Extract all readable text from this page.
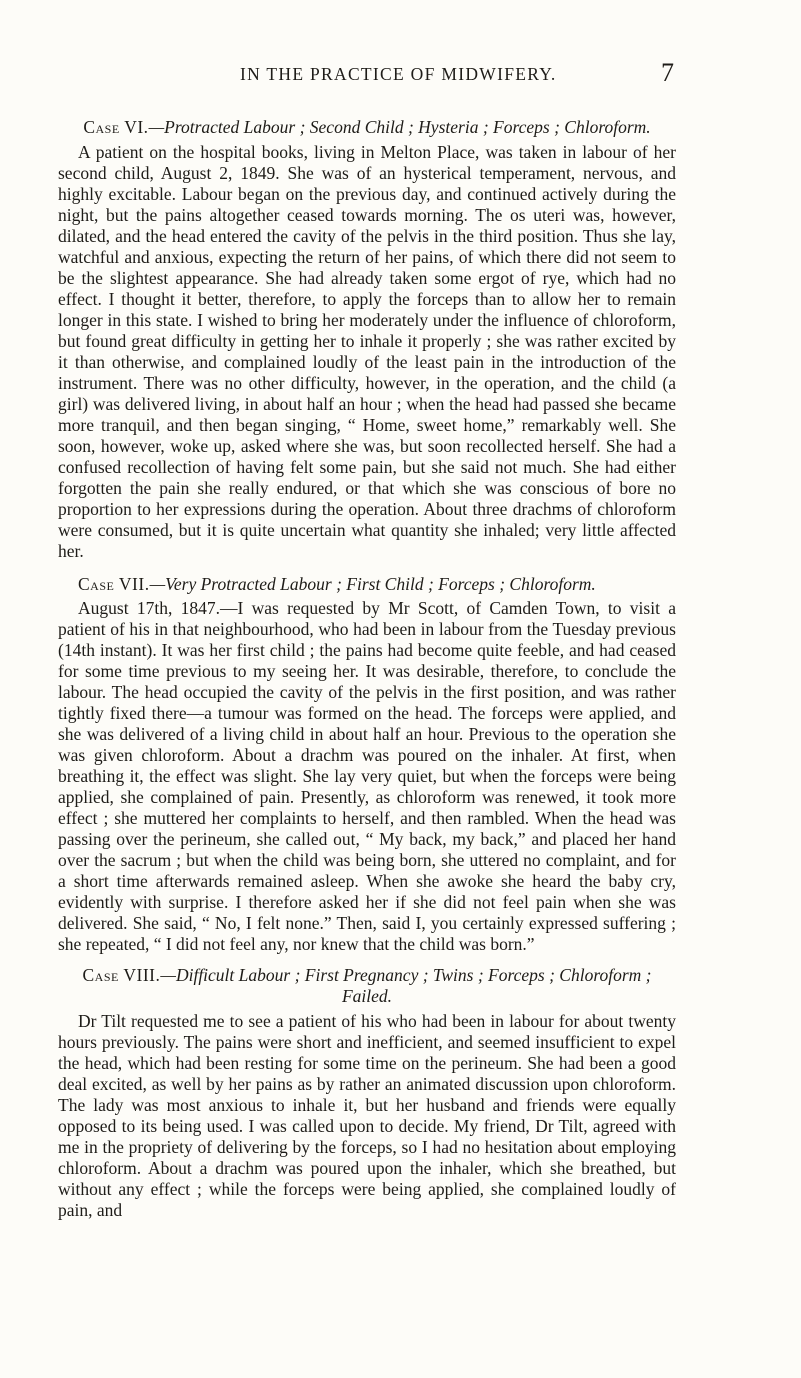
IN THE PRACTICE OF MIDWIFERY.	7

Case VI.—Protracted Labour ; Second Child ; Hysteria ; Forceps ; Chloroform.

A patient on the hospital books, living in Melton Place, was taken in labour of her second child, August 2, 1849. She was of an hysterical temperament, nervous, and highly excitable. Labour began on the previous day, and continued actively during the night, but the pains altogether ceased towards morning. The os uteri was, however, dilated, and the head entered the cavity of the pelvis in the third position. Thus she lay, watchful and anxious, expecting the return of her pains, of which there did not seem to be the slightest appearance. She had already taken some ergot of rye, which had no effect. I thought it better, therefore, to apply the forceps than to allow her to remain longer in this state. I wished to bring her moderately under the influence of chloroform, but found great difficulty in getting her to inhale it properly ; she was rather excited by it than otherwise, and complained loudly of the least pain in the introduction of the instrument. There was no other difficulty, however, in the operation, and the child (a girl) was delivered living, in about half an hour ; when the head had passed she became more tranquil, and then began singing, “ Home, sweet home,” remarkably well. She soon, however, woke up, asked where she was, but soon recollected herself. She had a confused recollection of having felt some pain, but she said not much. She had either forgotten the pain she really endured, or that which she was conscious of bore no proportion to her expressions during the operation. About three drachms of chloroform were consumed, but it is quite uncertain what quantity she inhaled; very little affected her.

Case VII.—Very Protracted Labour ; First Child ; Forceps ; Chloroform.

August 17th, 1847.—I was requested by Mr Scott, of Camden Town, to visit a patient of his in that neighbourhood, who had been in labour from the Tuesday previous (14th instant). It was her first child ; the pains had become quite feeble, and had ceased for some time previous to my seeing her. It was desirable, therefore, to conclude the labour. The head occupied the cavity of the pelvis in the first position, and was rather tightly fixed there—a tumour was formed on the head. The forceps were applied, and she was delivered of a living child in about half an hour. Previous to the operation she was given chloroform. About a drachm was poured on the inhaler. At first, when breathing it, the effect was slight. She lay very quiet, but when the forceps were being applied, she complained of pain. Presently, as chloroform was renewed, it took more effect ; she muttered her complaints to herself, and then rambled. When the head was passing over the perineum, she called out, “ My back, my back,” and placed her hand over the sacrum ; but when the child was being born, she uttered no complaint, and for a short time afterwards remained asleep. When she awoke she heard the baby cry, evidently with surprise. I therefore asked her if she did not feel pain when she was delivered. She said, “ No, I felt none.” Then, said I, you certainly expressed suffering ; she repeated, “ I did not feel any, nor knew that the child was born.”

Case VIII.—Difficult Labour ; First Pregnancy ; Twins ; Forceps ; Chloroform ; Failed.

Dr Tilt requested me to see a patient of his who had been in labour for about twenty hours previously. The pains were short and inefficient, and seemed insufficient to expel the head, which had been resting for some time on the perineum. She had been a good deal excited, as well by her pains as by rather an animated discussion upon chloroform. The lady was most anxious to inhale it, but her husband and friends were equally opposed to its being used. I was called upon to decide. My friend, Dr Tilt, agreed with me in the propriety of delivering by the forceps, so I had no hesitation about employing chloroform. About a drachm was poured upon the inhaler, which she breathed, but without any effect ; while the forceps were being applied, she complained loudly of pain, and
